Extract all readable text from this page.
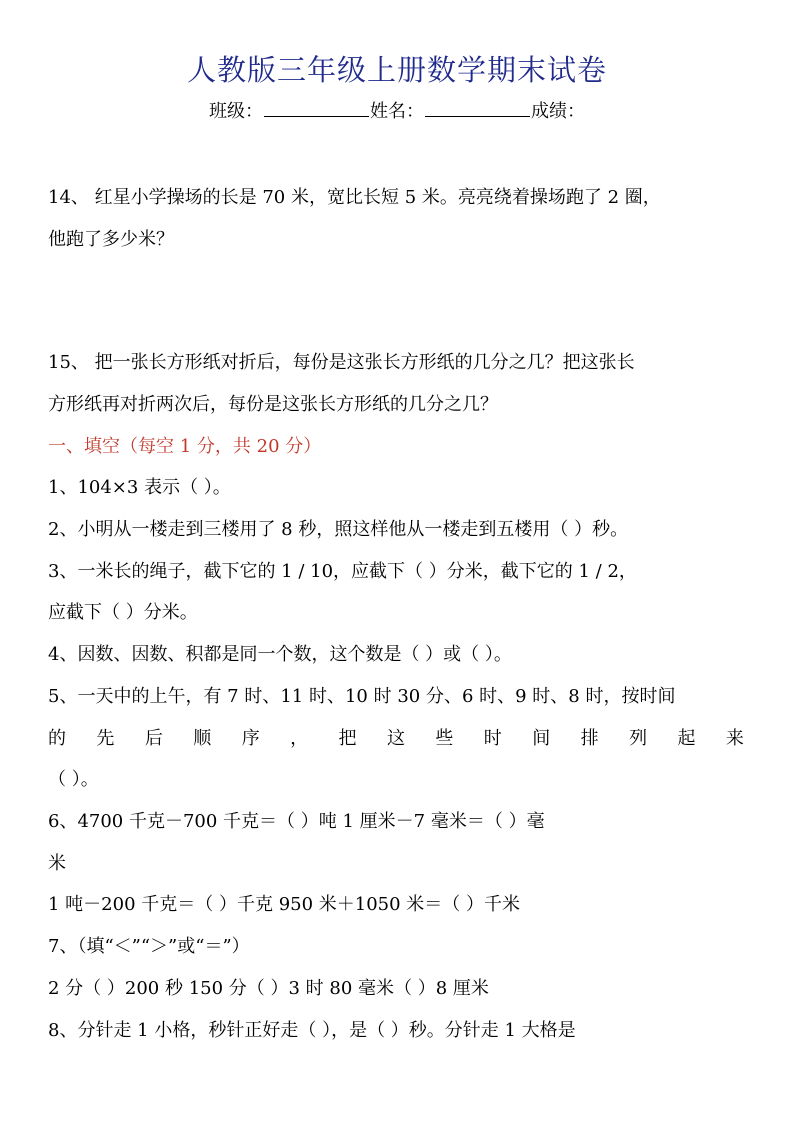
人教版三年级上册数学期末试卷
班级：	姓名：	成绩：
14、 红星小学操场的长是 70 米，宽比长短 5 米。亮亮绕着操场跑了 2 圈，
他跑了多少米？
15、 把一张长方形纸对折后，每份是这张长方形纸的几分之几？把这张长
方形纸再对折两次后，每份是这张长方形纸的几分之几？
一、填空（每空 1 分，共 20 分）
1、104×3 表示（ ）。
2、小明从一楼走到三楼用了 8 秒，照这样他从一楼走到五楼用（ ）秒。
3、一米长的绳子，截下它的 1 / 10，应截下（ ）分米，截下它的 1 / 2，
应截下（ ）分米。
4、因数、因数、积都是同一个数，这个数是（ ）或（ ）。
5、一天中的上午，有 7 时、11 时、10 时 30 分、6 时、9 时、8 时，按时间
的 先 后 顺 序 ， 把 这 些 时 间 排 列 起 来
（ ）。
6、4700 千克－700 千克＝（ ）吨 1 厘米－7 毫米＝（ ）毫
米
1 吨－200 千克＝（ ）千克 950 米＋1050 米＝（ ）千米
7、（填“＜”“＞”或“＝”）
2 分（ ）200 秒 150 分（ ）3 时 80 毫米（ ）8 厘米
8、分针走 1 小格，秒针正好走（ ），是（ ）秒。分针走 1 大格是
